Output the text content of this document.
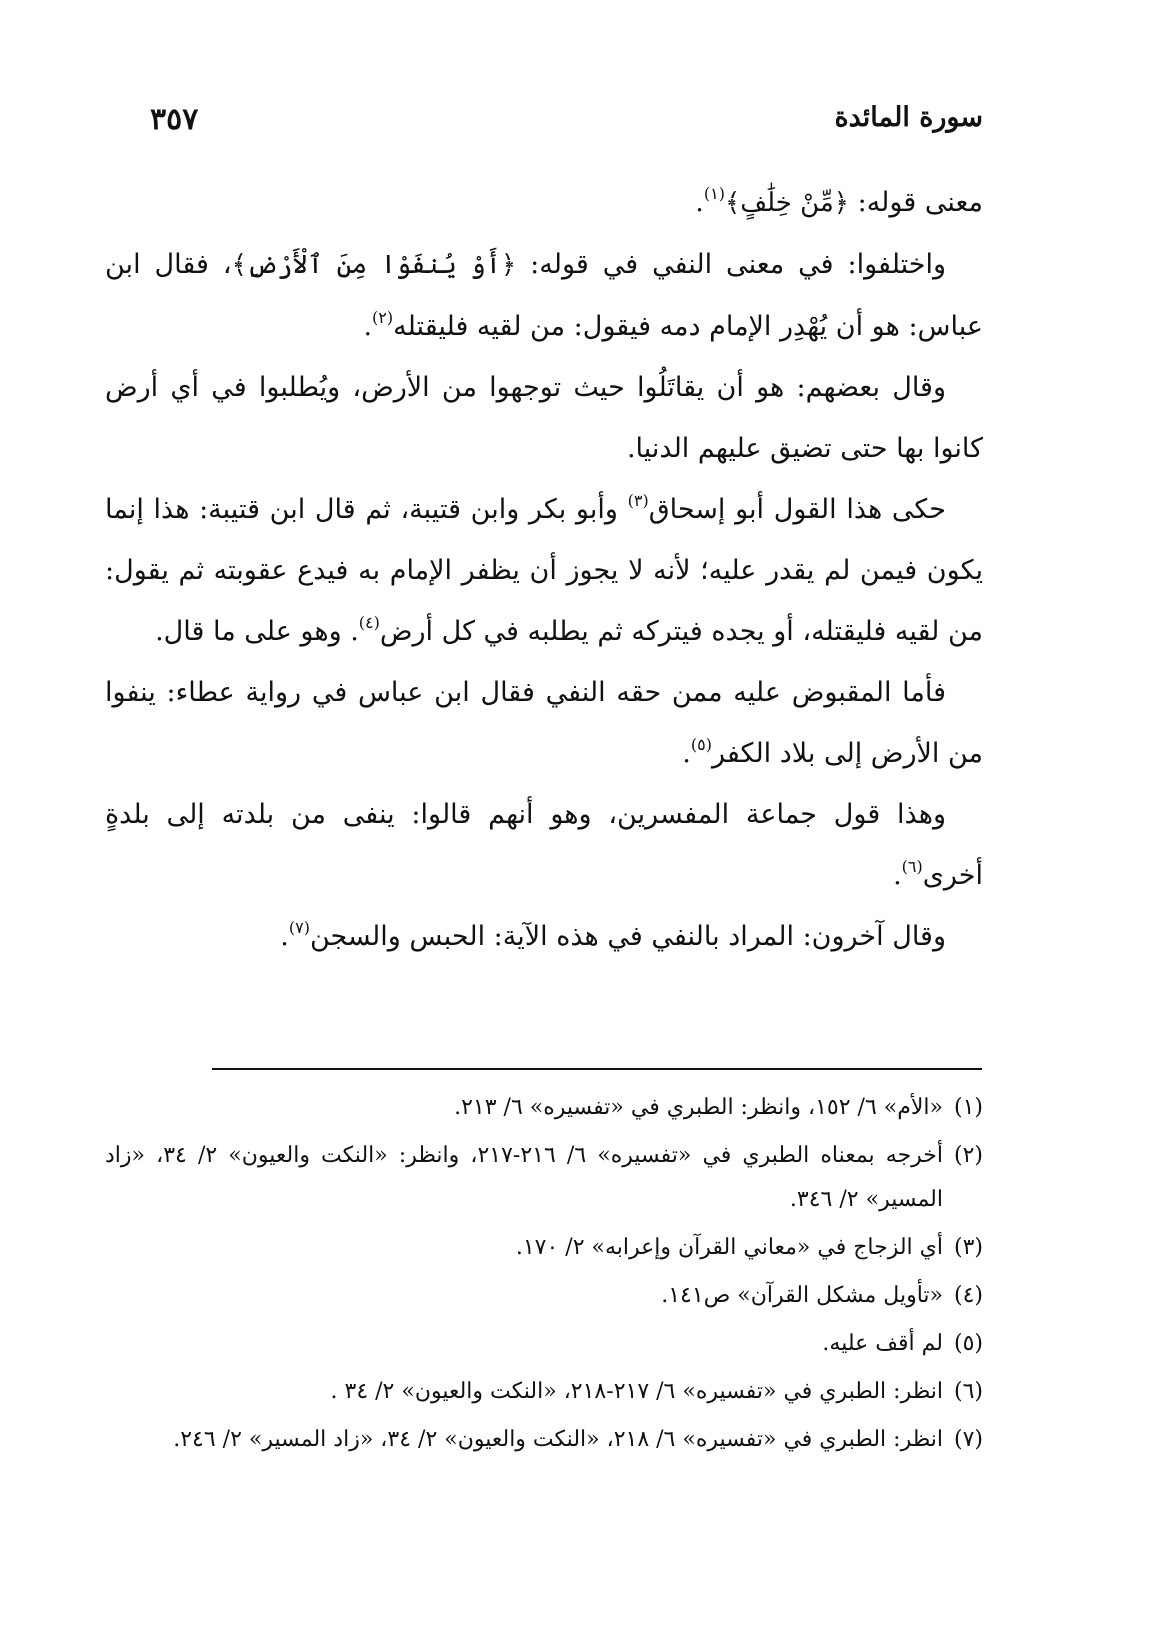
سورة المائدة
٣٥٧

معنى قوله: ﴿مِّنْ خِلَٰفٍ﴾$^{(١)}$.

واختلفوا: في معنى النفي في قوله: ﴿أَوْ يُنفَوْا مِنَ ٱلْأَرْضِ﴾، فقال ابن عباس: هو أن يُهْدِر الإمام دمه فيقول: من لقيه فليقتله$^{(٢)}$.

وقال بعضهم: هو أن يقاتَلُوا حيث توجهوا من الأرض، ويُطلبوا في أي أرض كانوا بها حتى تضيق عليهم الدنيا.

حكى هذا القول أبو إسحاق$^{(٣)}$ وأبو بكر وابن قتيبة، ثم قال ابن قتيبة: هذا إنما يكون فيمن لم يقدر عليه؛ لأنه لا يجوز أن يظفر الإمام به فيدع عقوبته ثم يقول: من لقيه فليقتله، أو يجده فيتركه ثم يطلبه في كل أرض$^{(٤)}$. وهو على ما قال.

فأما المقبوض عليه ممن حقه النفي فقال ابن عباس في رواية عطاء: ينفوا من الأرض إلى بلاد الكفر$^{(٥)}$.

وهذا قول جماعة المفسرين، وهو أنهم قالوا: ينفى من بلدته إلى بلدةٍ أخرى$^{(٦)}$.

وقال آخرون: المراد بالنفي في هذه الآية: الحبس والسجن$^{(٧)}$.

(١)
«الأم» ٦/ ١٥٢، وانظر: الطبري في «تفسيره» ٦/ ٢١٣.
(٢)
أخرجه بمعناه الطبري في «تفسيره» ٦/ ٢١٦-٢١٧، وانظر: «النكت والعيون» ٢/ ٣٤، «زاد المسير» ٢/ ٣٤٦.
(٣)
أي الزجاج في «معاني القرآن وإعرابه» ٢/ ١٧٠.
(٤)
«تأويل مشكل القرآن» ص١٤١.
(٥)
لم أقف عليه.
(٦)
انظر: الطبري في «تفسيره» ٦/ ٢١٧-٢١٨، «النكت والعيون» ٢/ ٣٤ .
(٧)
انظر: الطبري في «تفسيره» ٦/ ٢١٨، «النكت والعيون» ٢/ ٣٤، «زاد المسير» ٢/ ٢٤٦.
